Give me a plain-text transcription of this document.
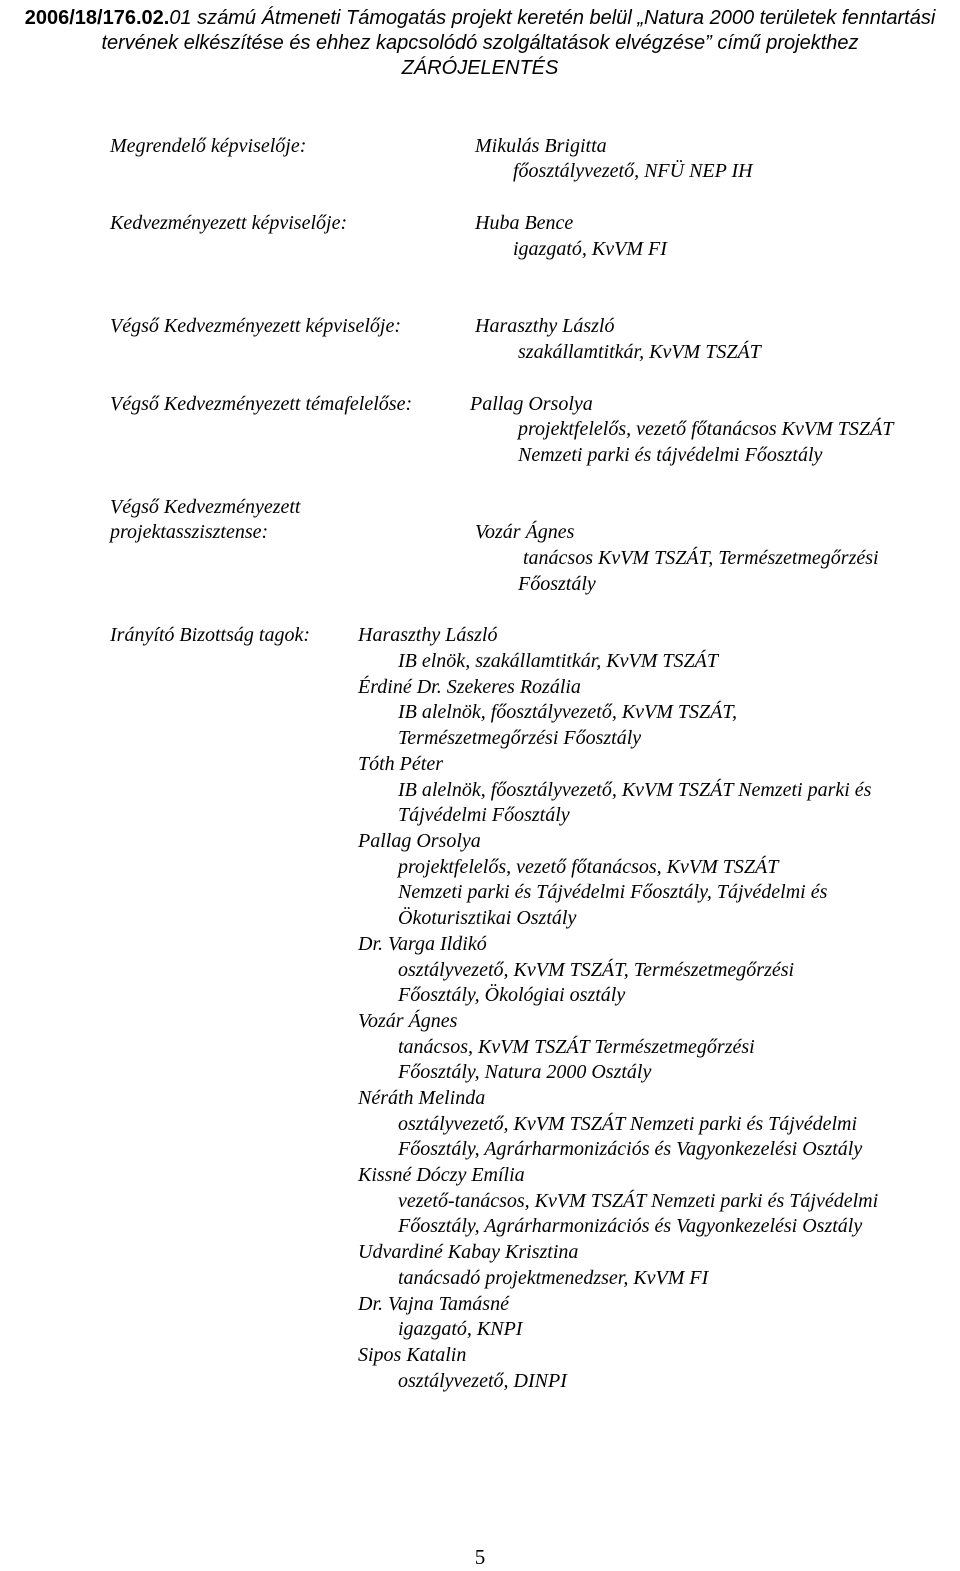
2006/18/176.02.01 számú Átmeneti Támogatás projekt keretén belül „Natura 2000 területek fenntartási
tervének elkészítése és ehhez kapcsolódó szolgáltatások elvégzése” című projekthez
ZÁRÓJELENTÉS
Megrendelő képviselője:	Mikulás Brigitta
főosztályvezető, NFÜ NEP IH
Kedvezményezett képviselője:	Huba Bence
igazgató, KvVM FI
Végső Kedvezményezett képviselője:	Haraszthy László
szakállamtitkár, KvVM TSZÁT
Végső Kedvezményezett témafelelőse:	Pallag Orsolya
projektfelelős, vezető főtanácsos KvVM TSZÁT
Nemzeti parki és tájvédelmi Főosztály
Végső Kedvezményezett
projektasszisztense:	Vozár Ágnes
tanácsos KvVM TSZÁT, Természetmegőrzési
Főosztály
Irányító Bizottság tagok: Haraszthy László
IB elnök, szakállamtitkár, KvVM TSZÁT
Érdiné Dr. Szekeres Rozália
IB alelnök, főosztályvezető, KvVM TSZÁT,
Természetmegőrzési Főosztály
Tóth Péter
IB alelnök, főosztályvezető, KvVM TSZÁT Nemzeti parki és
Tájvédelmi Főosztály
Pallag Orsolya
projektfelelős, vezető főtanácsos, KvVM TSZÁT
Nemzeti parki és Tájvédelmi Főosztály, Tájvédelmi és
Ökoturisztikai Osztály
Dr. Varga Ildikó
osztályvezető, KvVM TSZÁT, Természetmegőrzési
Főosztály, Ökológiai osztály
Vozár Ágnes
tanácsos, KvVM TSZÁT Természetmegőrzési
Főosztály, Natura 2000 Osztály
Néráth Melinda
osztályvezető, KvVM TSZÁT Nemzeti parki és Tájvédelmi
Főosztály, Agrárharmonizációs és Vagyonkezelési Osztály
Kissné Dóczy Emília
vezető-tanácsos, KvVM TSZÁT Nemzeti parki és Tájvédelmi
Főosztály, Agrárharmonizációs és Vagyonkezelési Osztály
Udvardiné Kabay Krisztina
tanácsadó projektmenedzser, KvVM FI
Dr. Vajna Tamásné
igazgató, KNPI
Sipos Katalin
osztályvezető, DINPI
5
